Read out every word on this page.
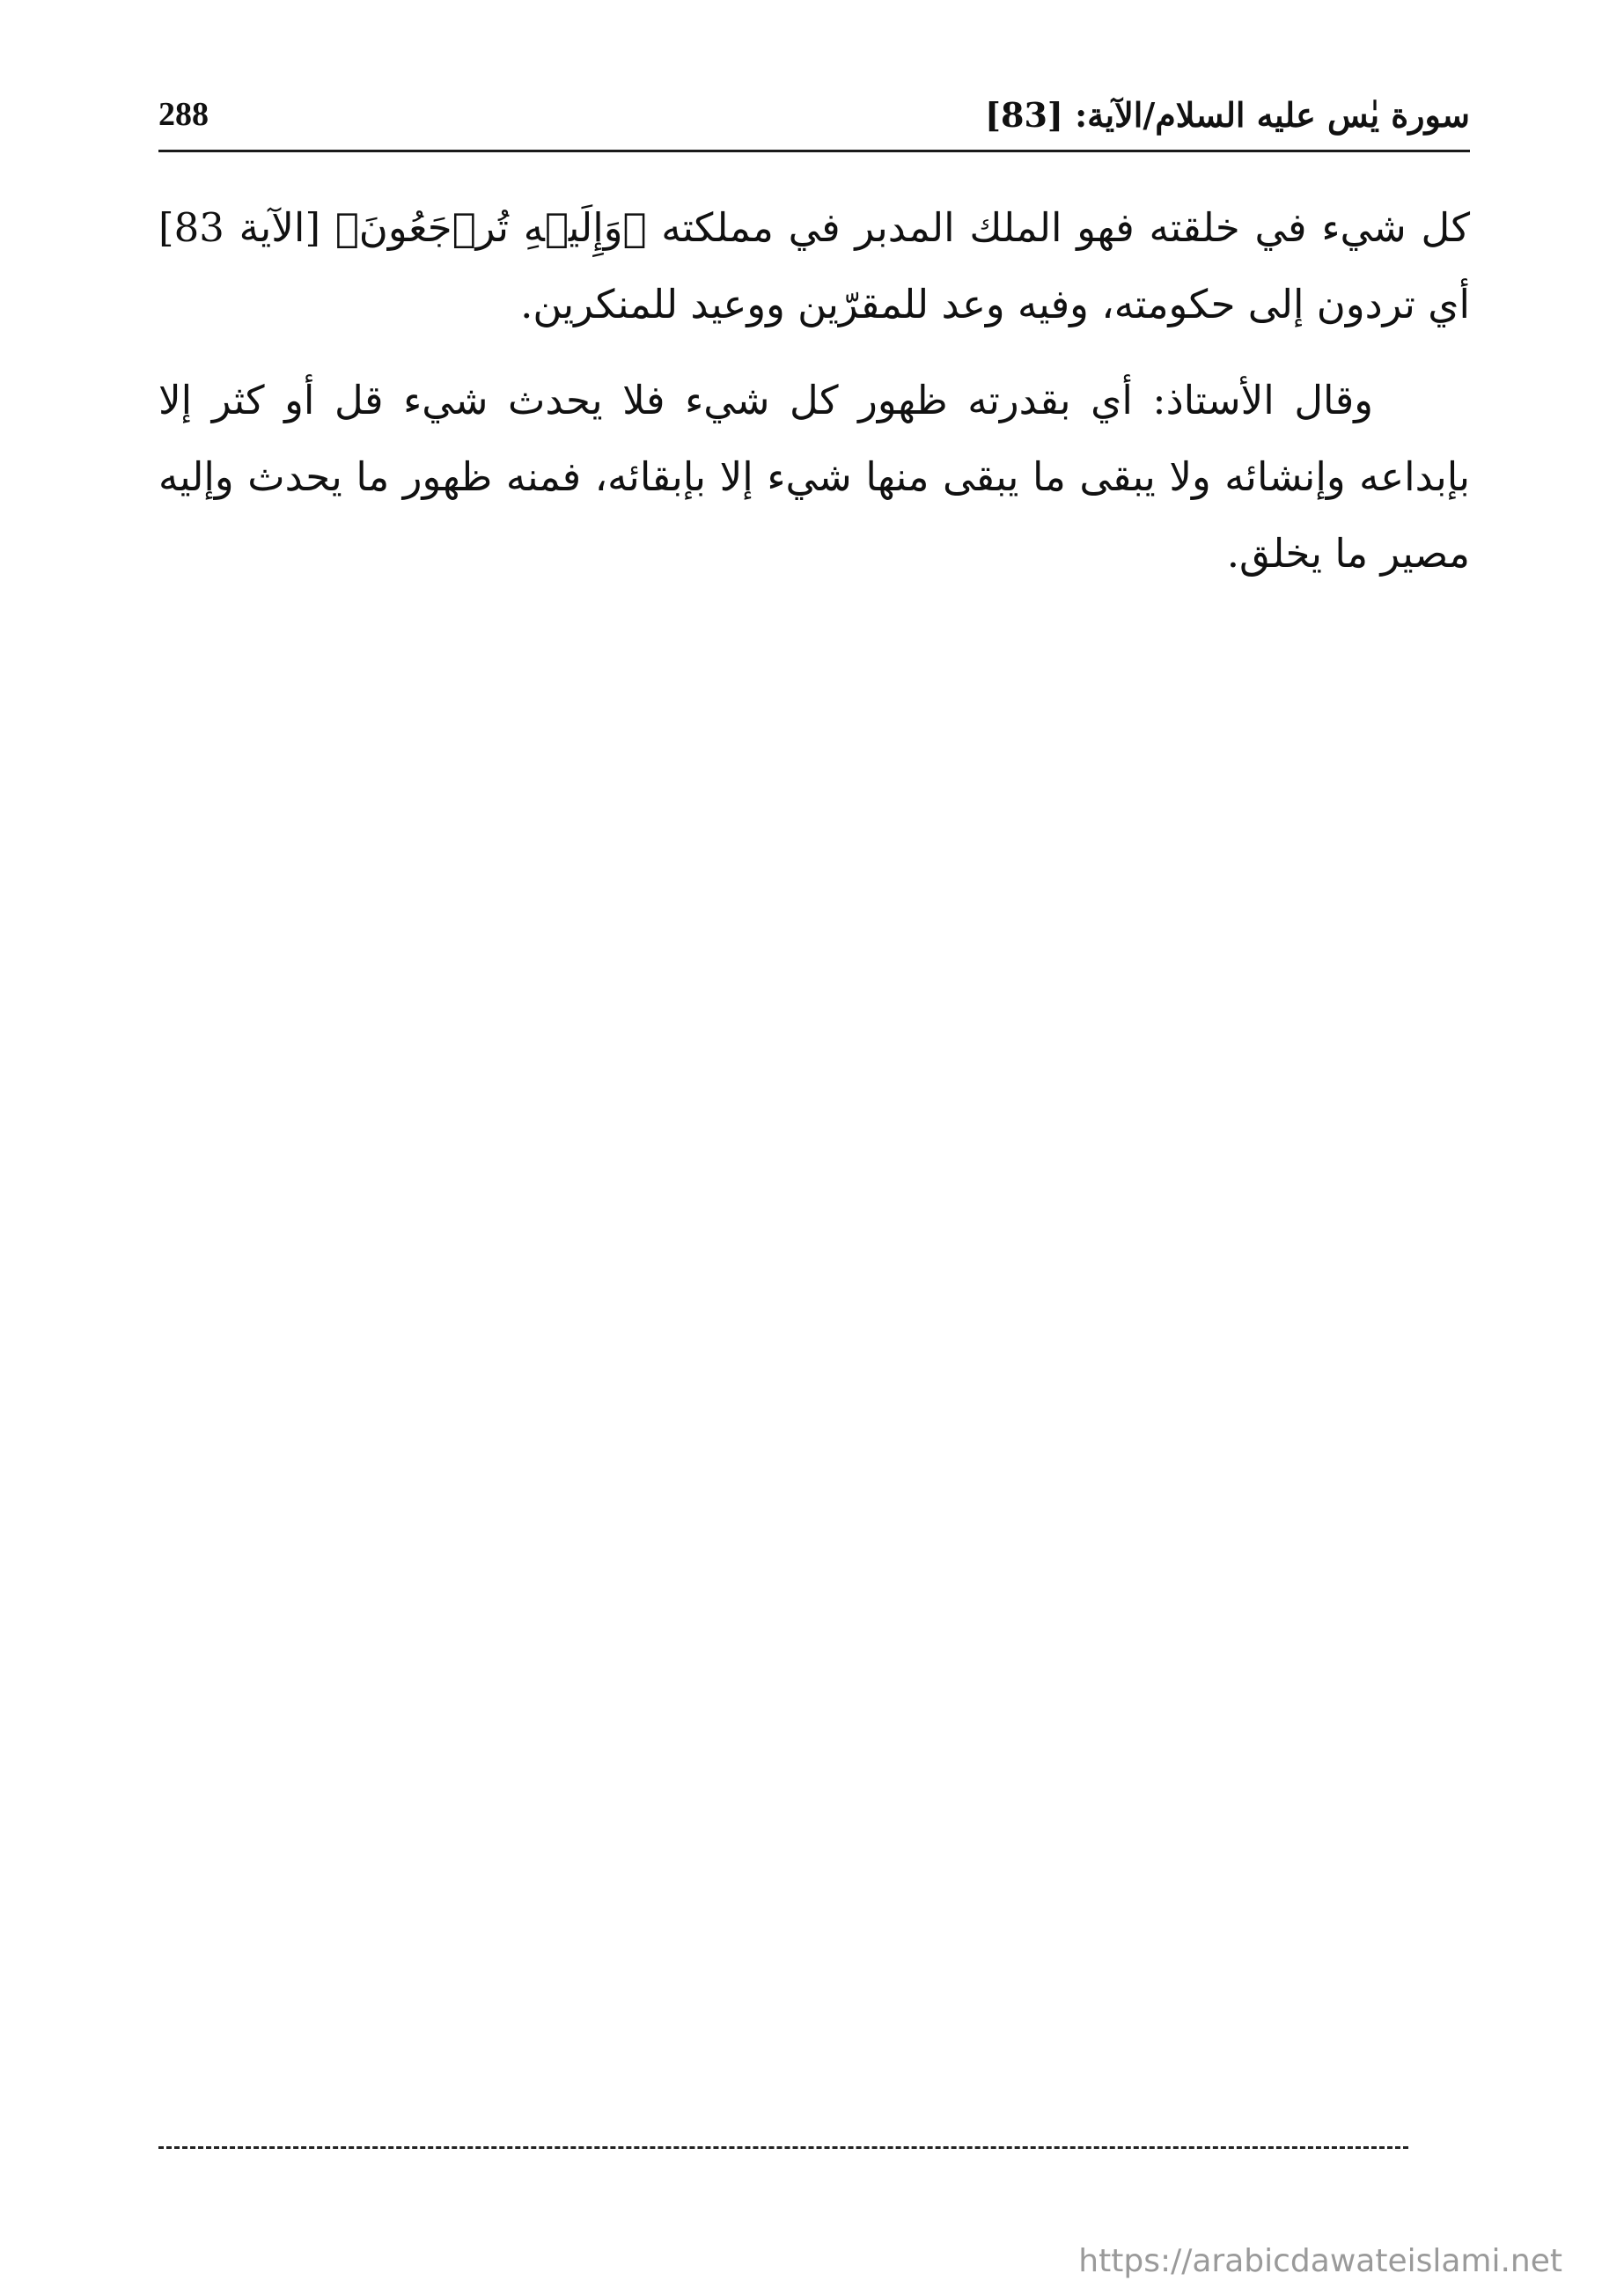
سورة يٰس عليه السلام/الآية: [83]
288

كل شيء في خلقته فهو الملك المدبر في مملكته ﴿وَإِلَيۡهِ تُرۡجَعُونَ﴾ [الآية 83] أي تردون إلى حكومته، وفيه وعد للمقرّين ووعيد للمنكرين.

وقال الأستاذ: أي بقدرته ظهور كل شيء فلا يحدث شيء قل أو كثر إلا بإبداعه وإنشائه ولا يبقى ما يبقى منها شيء إلا بإبقائه، فمنه ظهور ما يحدث وإليه مصير ما يخلق.

https://arabicdawateislami.net
